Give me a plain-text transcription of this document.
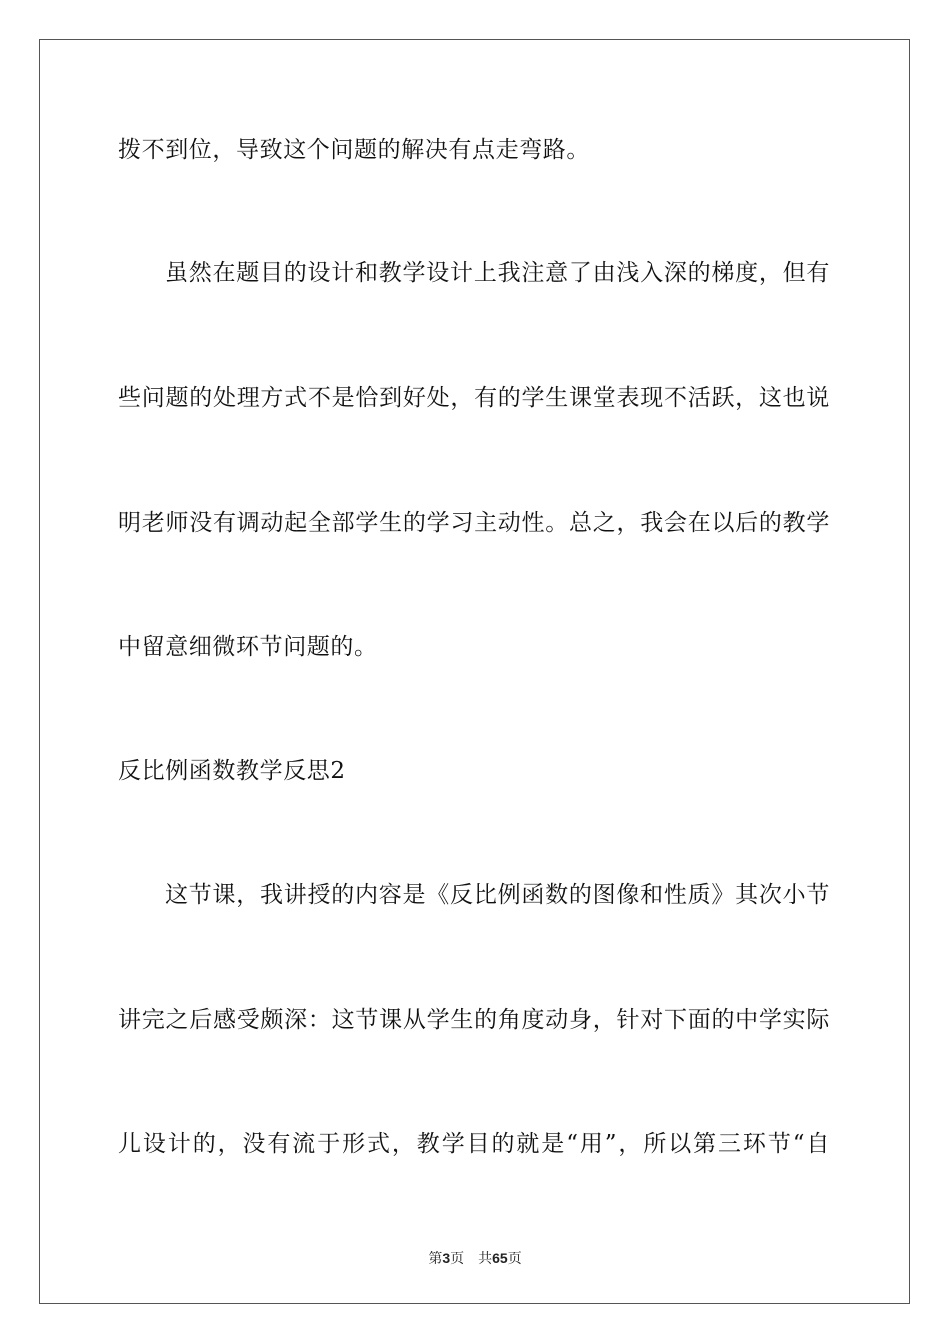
拨不到位，导致这个问题的解决有点走弯路。
虽然在题目的设计和教学设计上我注意了由浅入深的梯度，但有
些问题的处理方式不是恰到好处，有的学生课堂表现不活跃，这也说
明老师没有调动起全部学生的学习主动性。总之，我会在以后的教学
中留意细微环节问题的。
反比例函数教学反思2
这节课，我讲授的内容是《反比例函数的图像和性质》其次小节
讲完之后感受颇深：这节课从学生的角度动身，针对下面的中学实际
儿设计的，没有流于形式，教学目的就是“用”，所以第三环节“自
第3页 共65页
